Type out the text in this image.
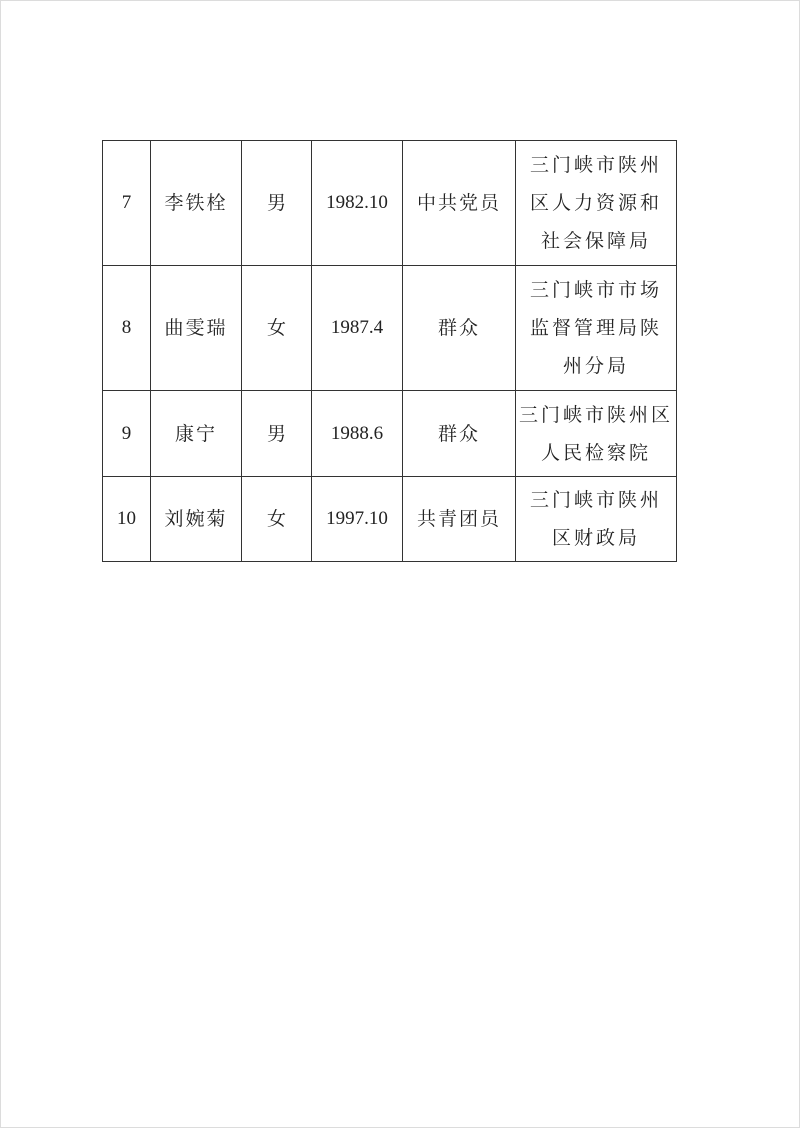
7	李铁栓	男	1982.10	中共党员	三门峡市陕州
区人力资源和
社会保障局

8	曲雯瑞	女	1987.4	群众	三门峡市市场
监督管理局陕
州分局

9	康宁	男	1988.6	群众	三门峡市陕州区
人民检察院

10	刘婉菊	女	1997.10	共青团员	三门峡市陕州
区财政局
